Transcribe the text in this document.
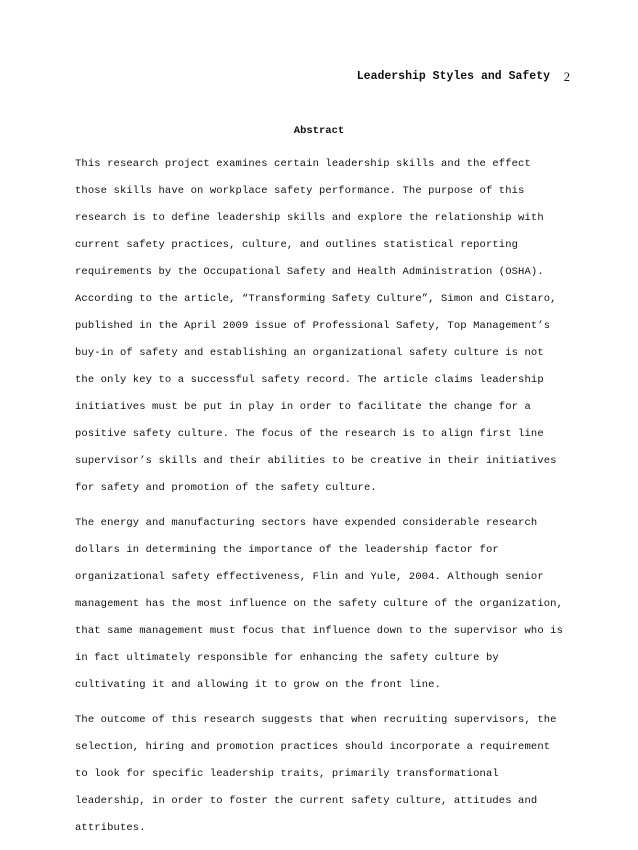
Leadership Styles and Safety 2
Abstract

This research project examines certain leadership skills and the effect those skills have on workplace safety performance. The purpose of this research is to define leadership skills and explore the relationship with current safety practices, culture, and outlines statistical reporting requirements by the Occupational Safety and Health Administration (OSHA). According to the article, “Transforming Safety Culture”, Simon and Cistaro, published in the April 2009 issue of Professional Safety, Top Management’s buy-in of safety and establishing an organizational safety culture is not the only key to a successful safety record. The article claims leadership initiatives must be put in play in order to facilitate the change for a positive safety culture. The focus of the research is to align first line supervisor’s skills and their abilities to be creative in their initiatives for safety and promotion of the safety culture.

The energy and manufacturing sectors have expended considerable research dollars in determining the importance of the leadership factor for organizational safety effectiveness, Flin and Yule, 2004. Although senior management has the most influence on the safety culture of the organization, that same management must focus that influence down to the supervisor who is in fact ultimately responsible for enhancing the safety culture by cultivating it and allowing it to grow on the front line.

The outcome of this research suggests that when recruiting supervisors, the selection, hiring and promotion practices should incorporate a requirement to look for specific leadership traits, primarily transformational leadership, in order to foster the current safety culture, attitudes and attributes.
